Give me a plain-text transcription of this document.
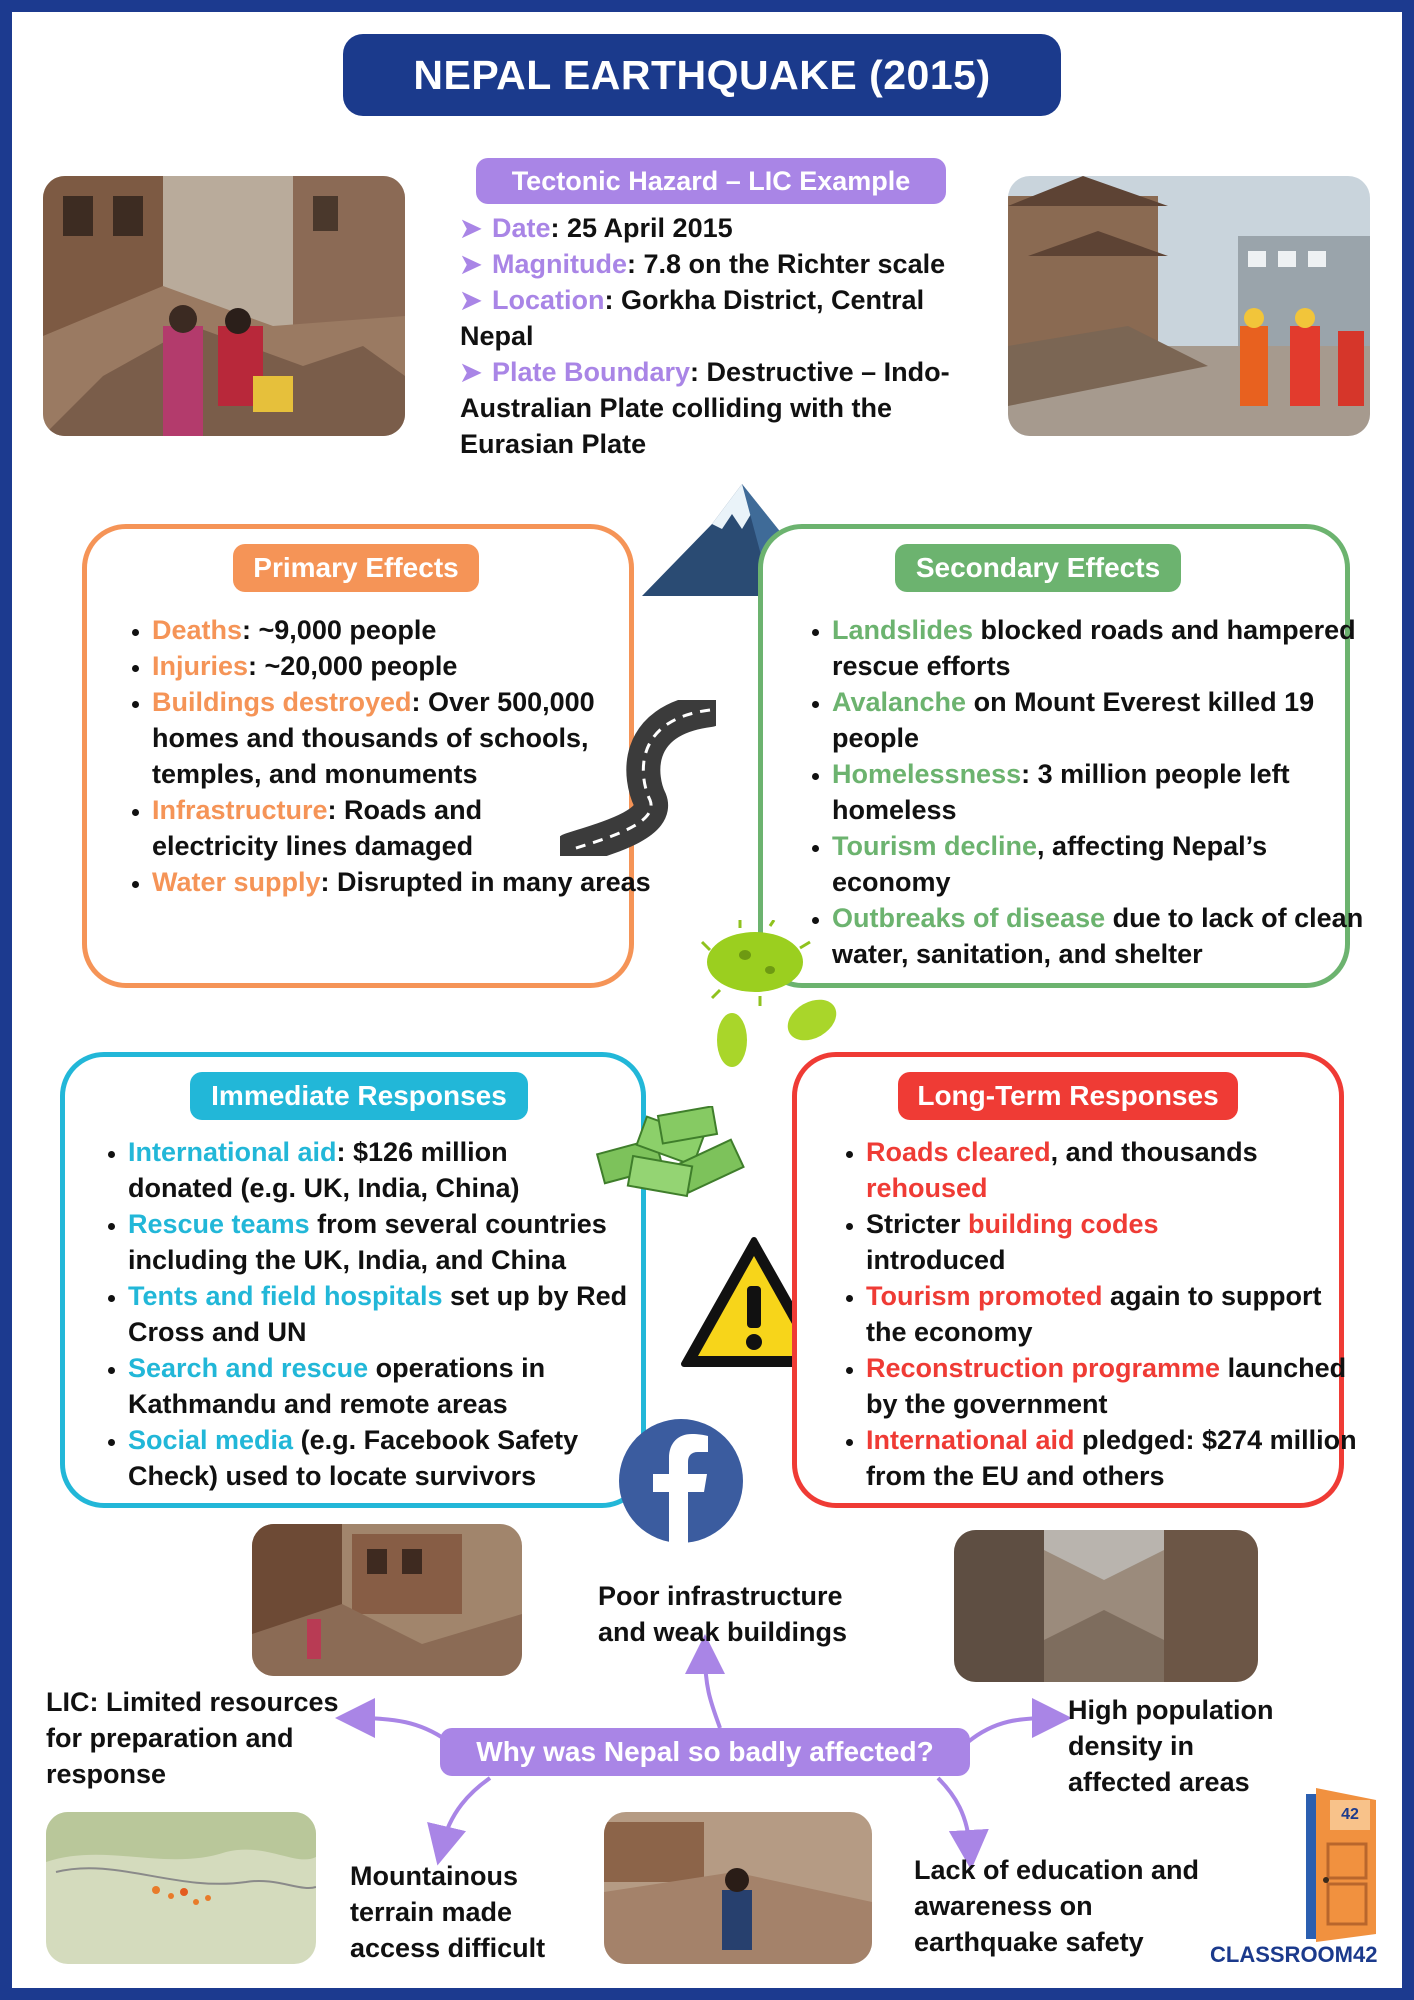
NEPAL EARTHQUAKE (2015)
Tectonic Hazard – LIC Example
➤ Date: 25 April 2015
➤ Magnitude: 7.8 on the Richter scale
➤ Location: Gorkha District, Central Nepal
➤ Plate Boundary: Destructive – Indo-Australian Plate colliding with the Eurasian Plate
Primary Effects
• Deaths: ~9,000 people
• Injuries: ~20,000 people
• Buildings destroyed: Over 500,000 homes and thousands of schools, temples, and monuments
• Infrastructure: Roads and electricity lines damaged
• Water supply: Disrupted in many areas
Secondary Effects
• Landslides blocked roads and hampered rescue efforts
• Avalanche on Mount Everest killed 19 people
• Homelessness: 3 million people left homeless
• Tourism decline, affecting Nepal’s economy
• Outbreaks of disease due to lack of clean water, sanitation, and shelter
Immediate Responses
• International aid: $126 million donated (e.g. UK, India, China)
• Rescue teams from several countries including the UK, India, and China
• Tents and field hospitals set up by Red Cross and UN
• Search and rescue operations in Kathmandu and remote areas
• Social media (e.g. Facebook Safety Check) used to locate survivors
Long-Term Responses
• Roads cleared, and thousands rehoused
• Stricter building codes introduced
• Tourism promoted again to support the economy
• Reconstruction programme launched by the government
• International aid pledged: $274 million from the EU and others
Why was Nepal so badly affected?
Poor infrastructure and weak buildings
LIC: Limited resources for preparation and response
High population density in affected areas
Mountainous terrain made access difficult
Lack of education and awareness on earthquake safety
42
CLASSROOM42
